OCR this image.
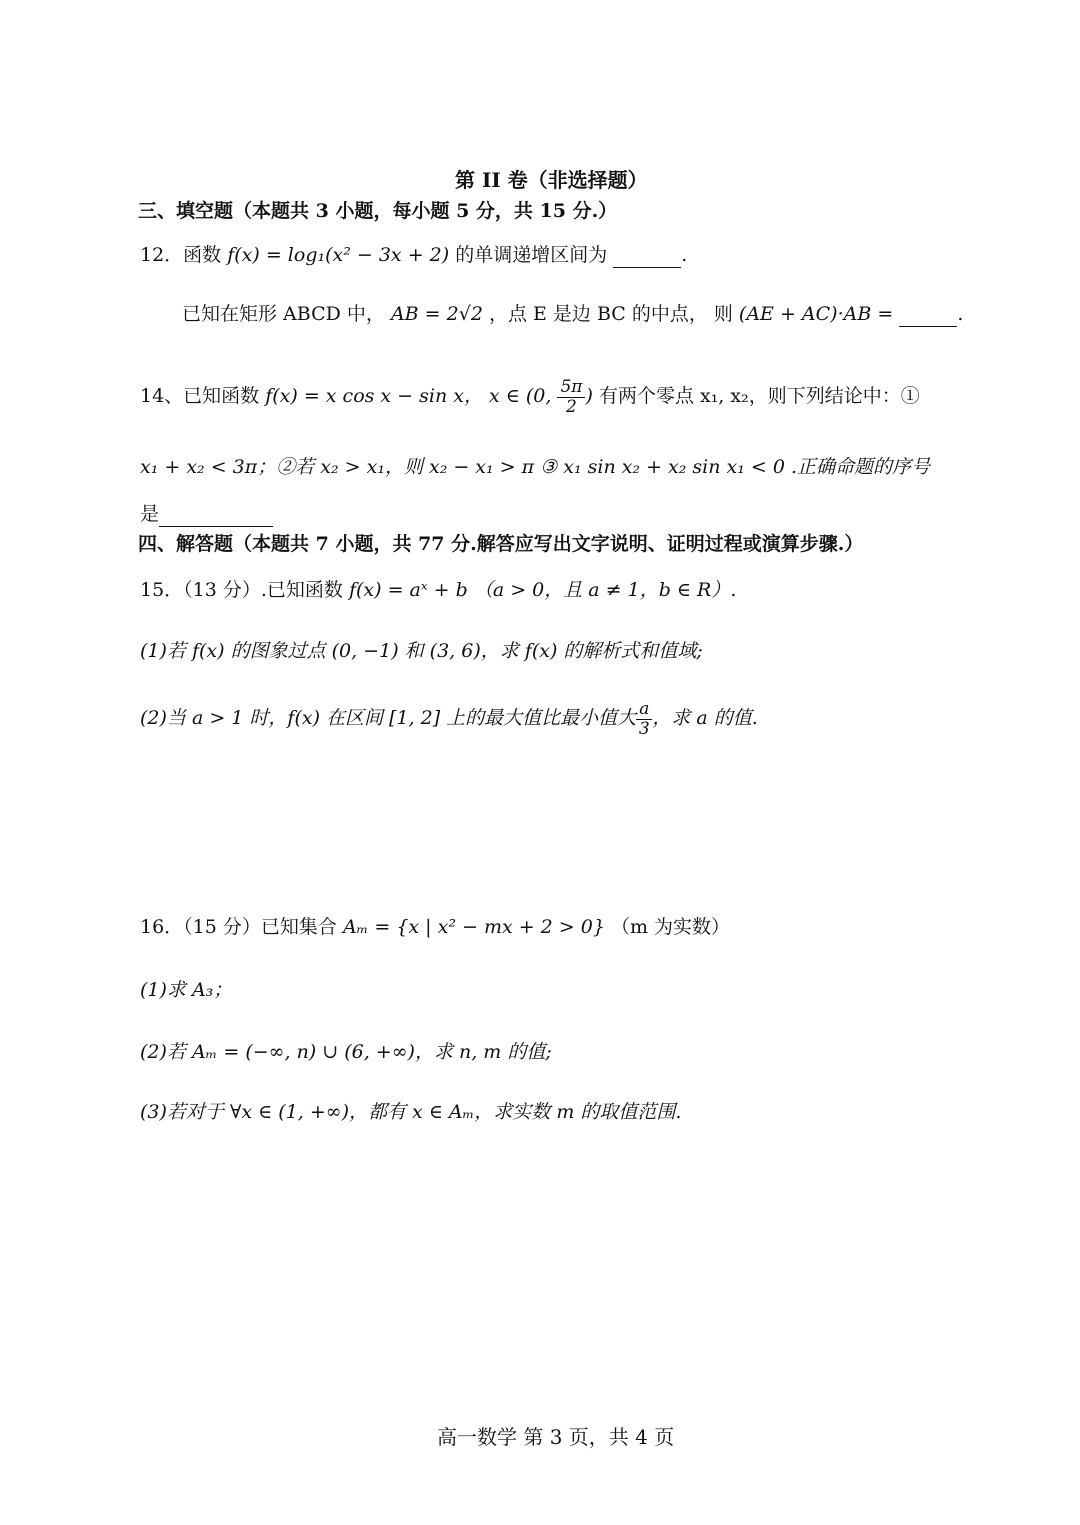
第 II 卷（非选择题）
三、填空题（本题共 3 小题，每小题 5 分，共 15 分.）
12．函数 f(x) = log₁(x² − 3x + 2) 的单调递增区间为	.
已知在矩形 ABCD 中， AB = 2√2 ，点 E 是边 BC 的中点， 则 (AE + AC)·AB =	.
14、已知函数 f(x) = x cos x − sin x， x ∈ (0, $\frac{5\pi}{2}$ ) 有两个零点 x₁, x₂，则下列结论中：①
x₁ + x₂ < 3π；②若 x₂ > x₁，则 x₂ − x₁ > π ③ x₁ sin x₂ + x₂ sin x₁ < 0 .正确命题的序号
是
四、解答题（本题共 7 小题，共 77 分.解答应写出文字说明、证明过程或演算步骤.）
15．（13 分）.已知函数 f(x) = aˣ + b （a > 0，且 a ≠ 1，b ∈ R）.
(1)若 f(x) 的图象过点 (0, −1) 和 (3, 6)，求 f(x) 的解析式和值域;
(2)当 a > 1 时，f(x) 在区间 [1, 2] 上的最大值比最小值大 $\frac{a}{3}$ ，求 a 的值.
16．（15 分）已知集合 Aₘ = {x | x² − mx + 2 > 0} （m 为实数）
(1)求 A₃；
(2)若 Aₘ = (−∞, n) ∪ (6, +∞)，求 n, m 的值;
(3)若对于 ∀x ∈ (1, +∞)，都有 x ∈ Aₘ，求实数 m 的取值范围.
高一数学 第 3 页，共 4 页
